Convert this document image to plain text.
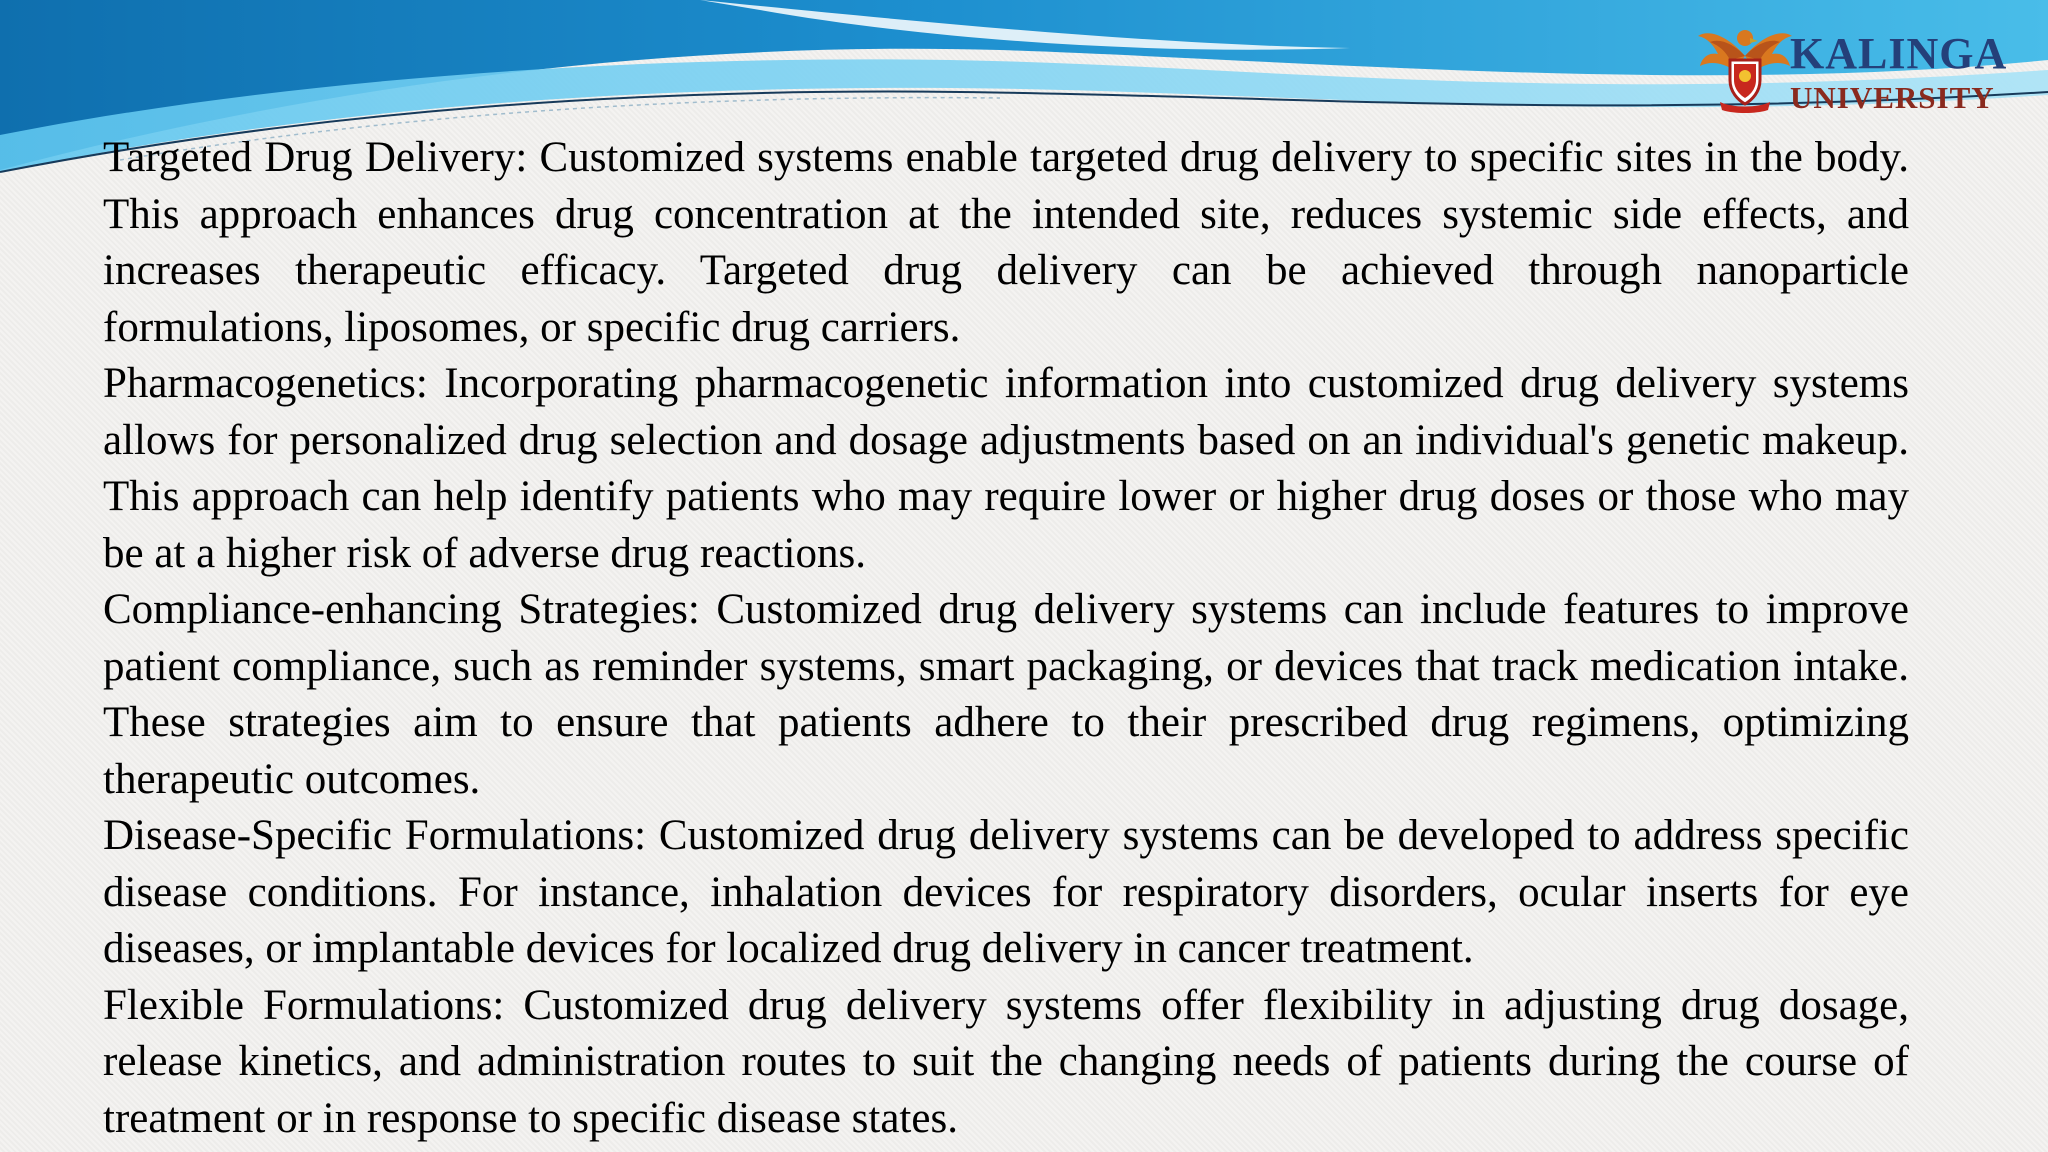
KALINGA
UNIVERSITY

Targeted Drug Delivery: Customized systems enable targeted drug delivery to specific sites in the body. This approach enhances drug concentration at the intended site, reduces systemic side effects, and increases therapeutic efficacy. Targeted drug delivery can be achieved through nanoparticle formulations, liposomes, or specific drug carriers.

Pharmacogenetics: Incorporating pharmacogenetic information into customized drug delivery systems allows for personalized drug selection and dosage adjustments based on an individual's genetic makeup. This approach can help identify patients who may require lower or higher drug doses or those who may be at a higher risk of adverse drug reactions.

Compliance-enhancing Strategies: Customized drug delivery systems can include features to improve patient compliance, such as reminder systems, smart packaging, or devices that track medication intake. These strategies aim to ensure that patients adhere to their prescribed drug regimens, optimizing therapeutic outcomes.

Disease-Specific Formulations: Customized drug delivery systems can be developed to address specific disease conditions. For instance, inhalation devices for respiratory disorders, ocular inserts for eye diseases, or implantable devices for localized drug delivery in cancer treatment.

Flexible Formulations: Customized drug delivery systems offer flexibility in adjusting drug dosage, release kinetics, and administration routes to suit the changing needs of patients during the course of treatment or in response to specific disease states.
